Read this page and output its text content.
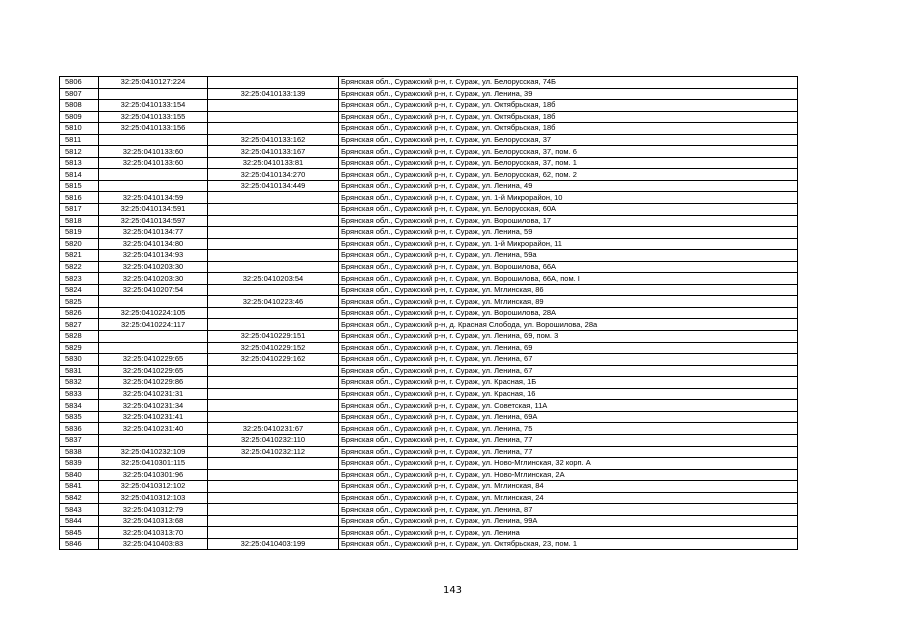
5806	32:25:0410127:224		Брянская обл., Суражский р-н, г. Сураж, ул. Белорусская, 74Б
5807		32:25:0410133:139	Брянская обл., Суражский р-н, г. Сураж, ул. Ленина, 39
5808	32:25:0410133:154		Брянская обл., Суражский р-н, г. Сураж, ул. Октябрьская, 18б
5809	32:25:0410133:155		Брянская обл., Суражский р-н, г. Сураж, ул. Октябрьская, 18б
5810	32:25:0410133:156		Брянская обл., Суражский р-н, г. Сураж, ул. Октябрьская, 18б
5811		32:25:0410133:162	Брянская обл., Суражский р-н, г. Сураж, ул. Белорусская, 37
5812	32:25:0410133:60	32:25:0410133:167	Брянская обл., Суражский р-н, г. Сураж, ул. Белорусская, 37, пом. 6
5813	32:25:0410133:60	32:25:0410133:81	Брянская обл., Суражский р-н, г. Сураж, ул. Белорусская, 37, пом. 1
5814		32:25:0410134:270	Брянская обл., Суражский р-н, г. Сураж, ул. Белорусская, 62, пом. 2
5815		32:25:0410134:449	Брянская обл., Суражский р-н, г. Сураж, ул. Ленина, 49
5816	32:25:0410134:59		Брянская обл., Суражский р-н, г. Сураж, ул. 1-й Микрорайон, 10
5817	32:25:0410134:591		Брянская обл., Суражский р-н, г. Сураж, ул. Белорусская, 60А
5818	32:25:0410134:597		Брянская обл., Суражский р-н, г. Сураж, ул. Ворошилова, 17
5819	32:25:0410134:77		Брянская обл., Суражский р-н, г. Сураж, ул. Ленина, 59
5820	32:25:0410134:80		Брянская обл., Суражский р-н, г. Сураж, ул. 1-й Микрорайон, 11
5821	32:25:0410134:93		Брянская обл., Суражский р-н, г. Сураж, ул. Ленина, 59а
5822	32:25:0410203:30		Брянская обл., Суражский р-н, г. Сураж, ул. Ворошилова, 66А
5823	32:25:0410203:30	32:25:0410203:54	Брянская обл., Суражский р-н, г. Сураж, ул. Ворошилова, 66А, пом. I
5824	32:25:0410207:54		Брянская обл., Суражский р-н, г. Сураж, ул. Мглинская, 86
5825		32:25:0410223:46	Брянская обл., Суражский р-н, г. Сураж, ул. Мглинская, 89
5826	32:25:0410224:105		Брянская обл., Суражский р-н, г. Сураж, ул. Ворошилова, 28А
5827	32:25:0410224:117		Брянская обл., Суражский р-н, д. Красная Слобода, ул. Ворошилова, 28а
5828		32:25:0410229:151	Брянская обл., Суражский р-н, г. Сураж, ул. Ленина, 69, пом. 3
5829		32:25:0410229:152	Брянская обл., Суражский р-н, г. Сураж, ул. Ленина, 69
5830	32:25:0410229:65	32:25:0410229:162	Брянская обл., Суражский р-н, г. Сураж, ул. Ленина, 67
5831	32:25:0410229:65		Брянская обл., Суражский р-н, г. Сураж, ул. Ленина, 67
5832	32:25:0410229:86		Брянская обл., Суражский р-н, г. Сураж, ул. Красная, 1Б
5833	32:25:0410231:31		Брянская обл., Суражский р-н, г. Сураж, ул. Красная, 16
5834	32:25:0410231:34		Брянская обл., Суражский р-н, г. Сураж, ул. Советская, 11А
5835	32:25:0410231:41		Брянская обл., Суражский р-н, г. Сураж, ул. Ленина, 69А
5836	32:25:0410231:40	32:25:0410231:67	Брянская обл., Суражский р-н, г. Сураж, ул. Ленина, 75
5837		32:25:0410232:110	Брянская обл., Суражский р-н, г. Сураж, ул. Ленина, 77
5838	32:25:0410232:109	32:25:0410232:112	Брянская обл., Суражский р-н, г. Сураж, ул. Ленина, 77
5839	32:25:0410301:115		Брянская обл., Суражский р-н, г. Сураж, ул. Ново-Мглинская, 32 корп. А
5840	32:25:0410301:96		Брянская обл., Суражский р-н, г. Сураж, ул. Ново-Мглинская, 2А
5841	32:25:0410312:102		Брянская обл., Суражский р-н, г. Сураж, ул. Мглинская, 84
5842	32:25:0410312:103		Брянская обл., Суражский р-н, г. Сураж, ул. Мглинская, 24
5843	32:25:0410312:79		Брянская обл., Суражский р-н, г. Сураж, ул. Ленина, 87
5844	32:25:0410313:68		Брянская обл., Суражский р-н, г. Сураж, ул. Ленина, 99А
5845	32:25:0410313:70		Брянская обл., Суражский р-н, г. Сураж, ул. Ленина
5846	32:25:0410403:83	32:25:0410403:199	Брянская обл., Суражский р-н, г. Сураж, ул. Октябрьская, 23, пом. 1
143
